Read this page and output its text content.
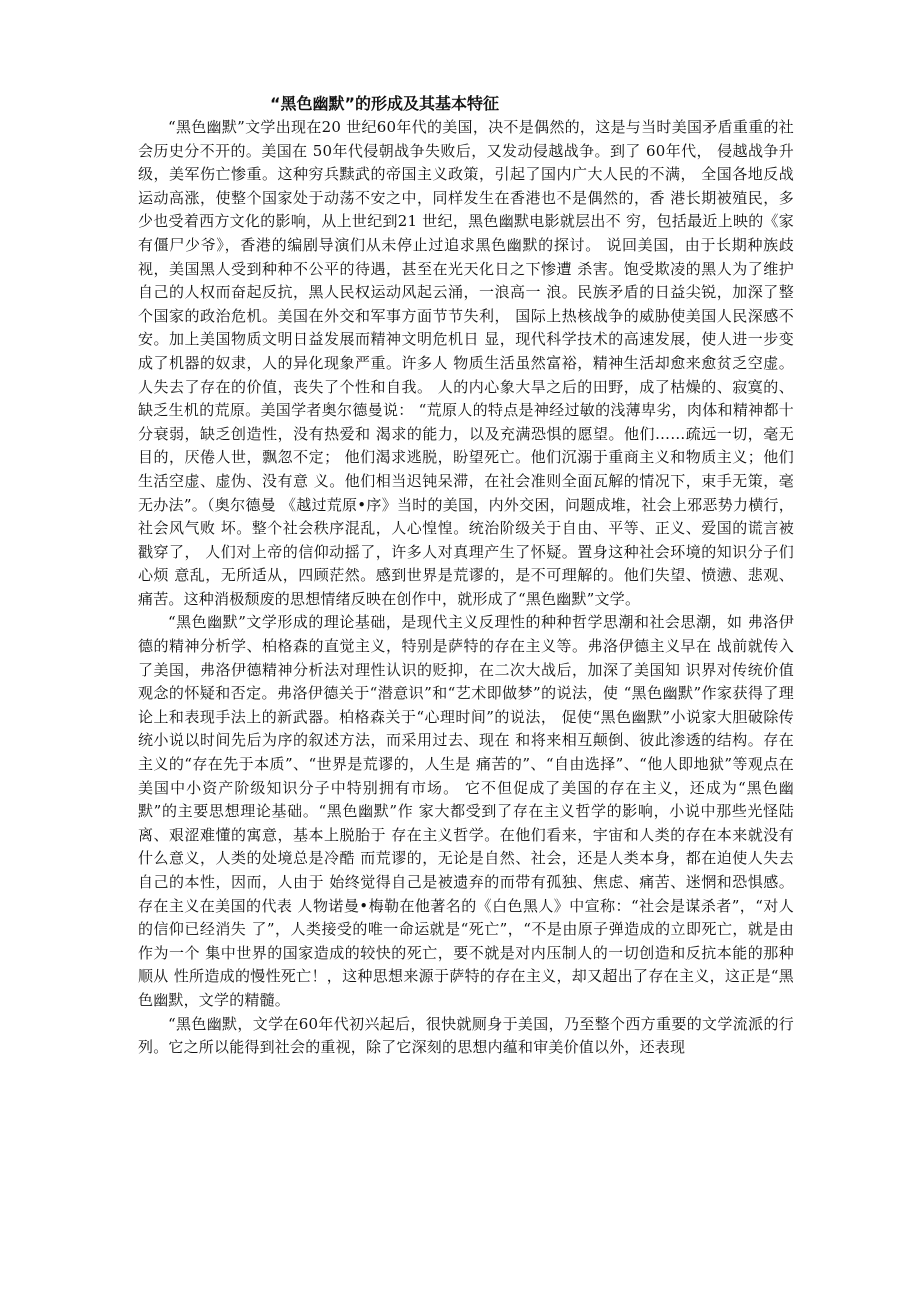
“黑色幽默”的形成及其基本特征

“黑色幽默”文学出现在20 世纪60年代的美国，决不是偶然的，这是与当时美国矛盾重重的社会历史分不开的。美国在 50年代侵朝战争失败后，又发动侵越战争。到了 60年代， 侵越战争升级，美军伤亡惨重。这种穷兵黩武的帝国主义政策，引起了国内广大人民的不满， 全国各地反战运动高涨，使整个国家处于动荡不安之中，同样发生在香港也不是偶然的，香 港长期被殖民，多少也受着西方文化的影响，从上世纪到21 世纪，黑色幽默电影就层出不 穷，包括最近上映的《家有僵尸少爷》，香港的编剧导演们从未停止过追求黑色幽默的探讨。 说回美国，由于长期种族歧视，美国黑人受到种种不公平的待遇，甚至在光天化日之下惨遭 杀害。饱受欺凌的黑人为了维护自己的人权而奋起反抗，黑人民权运动风起云涌，一浪高一 浪。民族矛盾的日益尖锐，加深了整个国家的政治危机。美国在外交和军事方面节节失利， 国际上热核战争的威胁使美国人民深感不安。加上美国物质文明日益发展而精神文明危机日 显，现代科学技术的高速发展，使人进一步变成了机器的奴隶，人的异化现象严重。许多人 物质生活虽然富裕，精神生活却愈来愈贫乏空虚。人失去了存在的价值，丧失了个性和自我。 人的内心象大旱之后的田野，成了枯燥的、寂寞的、缺乏生机的荒原。美国学者奥尔德曼说： “荒原人的特点是神经过敏的浅薄卑劣，肉体和精神都十分衰弱，缺乏创造性，没有热爱和 渴求的能力，以及充满恐惧的愿望。他们……疏远一切，毫无目的，厌倦人世，飘忽不定； 他们渴求逃脱，盼望死亡。他们沉溺于重商主义和物质主义；他们生活空虚、虚伪、没有意 义。他们相当迟钝呆滞，在社会准则全面瓦解的情况下，束手无策，毫无办法”。（奥尔德曼 《越过荒原•序》当时的美国，内外交困，问题成堆，社会上邪恶势力横行，社会风气败 坏。整个社会秩序混乱，人心惶惶。统治阶级关于自由、平等、正义、爱国的谎言被戳穿了， 人们对上帝的信仰动摇了，许多人对真理产生了怀疑。置身这种社会环境的知识分子们心烦 意乱，无所适从，四顾茫然。感到世界是荒谬的，是不可理解的。他们失望、愤懑、悲观、 痛苦。这种消极颓废的思想情绪反映在创作中，就形成了“黑色幽默”文学。

“黑色幽默”文学形成的理论基础，是现代主义反理性的种种哲学思潮和社会思潮，如 弗洛伊德的精神分析学、柏格森的直觉主义，特别是萨特的存在主义等。弗洛伊德主义早在 战前就传入了美国，弗洛伊德精神分析法对理性认识的贬抑，在二次大战后，加深了美国知 识界对传统价值观念的怀疑和否定。弗洛伊德关于“潜意识”和“艺术即做梦”的说法，使 “黑色幽默”作家获得了理论上和表现手法上的新武器。柏格森关于“心理时间”的说法， 促使“黑色幽默”小说家大胆破除传统小说以时间先后为序的叙述方法，而采用过去、现在 和将来相互颠倒、彼此渗透的结构。存在主义的“存在先于本质”、“世界是荒谬的，人生是 痛苦的”、“自由选择”、“他人即地狱”等观点在美国中小资产阶级知识分子中特别拥有市场。 它不但促成了美国的存在主义，还成为“黑色幽默”的主要思想理论基础。“黑色幽默”作 家大都受到了存在主义哲学的影响，小说中那些光怪陆离、艰涩难懂的寓意，基本上脱胎于 存在主义哲学。在他们看来，宇宙和人类的存在本来就没有什么意义，人类的处境总是冷酷 而荒谬的，无论是自然、社会，还是人类本身，都在迫使人失去自己的本性，因而，人由于 始终觉得自己是被遗弃的而带有孤独、焦虑、痛苦、迷惘和恐惧感。存在主义在美国的代表 人物诺曼•梅勒在他著名的《白色黑人》中宣称：“社会是谋杀者”，“对人的信仰已经消失 了”，人类接受的唯一命运就是“死亡”，“不是由原子弹造成的立即死亡，就是由作为一个 集中世界的国家造成的较快的死亡，要不就是对内压制人的一切创造和反抗本能的那种顺从 性所造成的慢性死亡！，这种思想来源于萨特的存在主义，却又超出了存在主义，这正是“黑 色幽默，文学的精髓。

“黑色幽默，文学在60年代初兴起后，很快就厕身于美国，乃至整个西方重要的文学流派的行列。它之所以能得到社会的重视，除了它深刻的思想内蕴和审美价值以外，还表现
